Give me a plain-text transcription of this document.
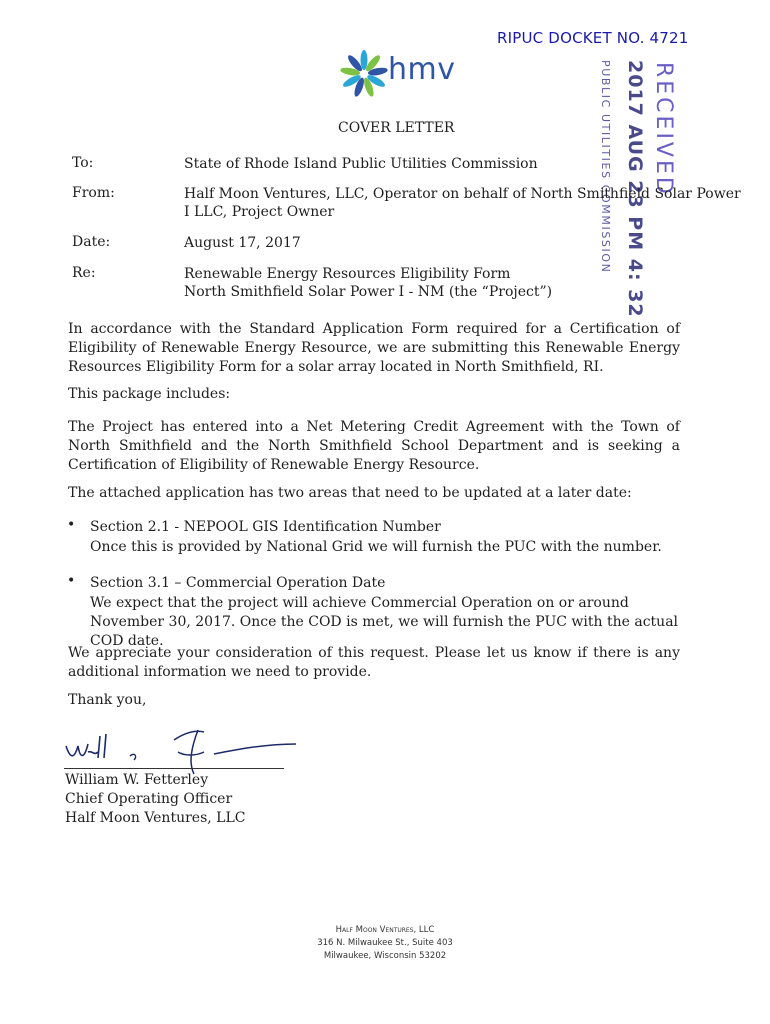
RIPUC DOCKET NO. 4721
hmv	RECEIVED
2017 AUG 23 PM 4: 32
PUBLIC UTILITIES COMMISSION
COVER LETTER
To:	State of Rhode Island Public Utilities Commission
From:	Half Moon Ventures, LLC, Operator on behalf of North Smithfield Solar Power
I LLC, Project Owner
Date:	August 17, 2017
Re:	Renewable Energy Resources Eligibility Form
North Smithfield Solar Power I - NM (the “Project”)
In accordance with the Standard Application Form required for a Certification of Eligibility of Renewable Energy Resource, we are submitting this Renewable Energy Resources Eligibility Form for a solar array located in North Smithfield, RI.
This package includes:
The Project has entered into a Net Metering Credit Agreement with the Town of North Smithfield and the North Smithfield School Department and is seeking a Certification of Eligibility of Renewable Energy Resource.
The attached application has two areas that need to be updated at a later date:
• Section 2.1 - NEPOOL GIS Identification Number
Once this is provided by National Grid we will furnish the PUC with the number.
• Section 3.1 – Commercial Operation Date
We expect that the project will achieve Commercial Operation on or around November 30, 2017. Once the COD is met, we will furnish the PUC with the actual COD date.
We appreciate your consideration of this request. Please let us know if there is any additional information we need to provide.
Thank you,
William W. Fetterley
Chief Operating Officer
Half Moon Ventures, LLC
Half Moon Ventures, LLC
316 N. Milwaukee St., Suite 403
Milwaukee, Wisconsin 53202
